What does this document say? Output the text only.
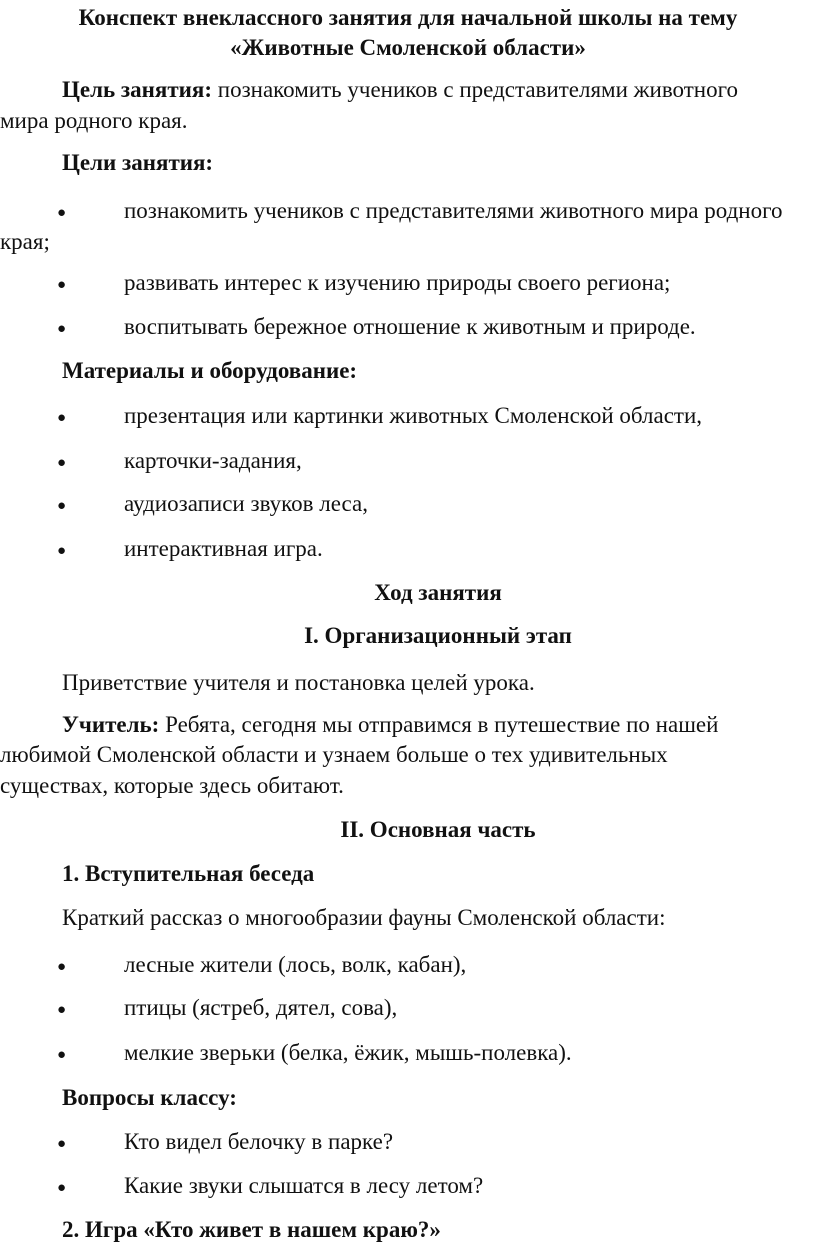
Конспект внеклассного занятия для начальной школы на тему
«Животные Смоленской области»
Цель занятия: познакомить учеников с представителями животного
мира родного края.
Цели занятия:
●	познакомить учеников с представителями животного мира родного
края;
●	развивать интерес к изучению природы своего региона;
●	воспитывать бережное отношение к животным и природе.
Материалы и оборудование:
●	презентация или картинки животных Смоленской области,
●	карточки-задания,
●	аудиозаписи звуков леса,
●	интерактивная игра.
Ход занятия
I. Организационный этап
Приветствие учителя и постановка целей урока.
Учитель: Ребята, сегодня мы отправимся в путешествие по нашей
любимой Смоленской области и узнаем больше о тех удивительных
существах, которые здесь обитают.
II. Основная часть
1. Вступительная беседа
Краткий рассказ о многообразии фауны Смоленской области:
●	лесные жители (лось, волк, кабан),
●	птицы (ястреб, дятел, сова),
●	мелкие зверьки (белка, ёжик, мышь-полевка).
Вопросы классу:
●	Кто видел белочку в парке?
●	Какие звуки слышатся в лесу летом?
2. Игра «Кто живет в нашем краю?»
